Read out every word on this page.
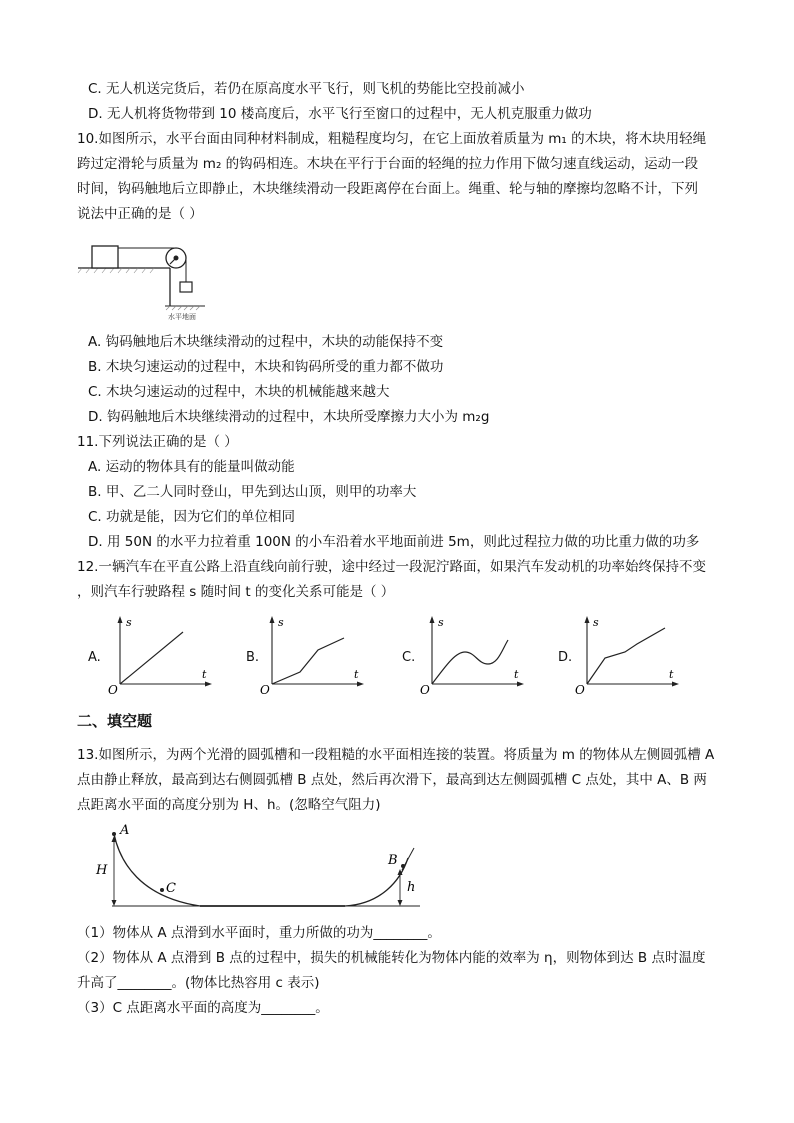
C. 无人机送完货后，若仍在原高度水平飞行，则飞机的势能比空投前减小
D. 无人机将货物带到 10 楼高度后，水平飞行至窗口的过程中，无人机克服重力做功
10.如图所示，水平台面由同种材料制成，粗糙程度均匀，在它上面放着质量为 m₁ 的木块，将木块用轻绳
跨过定滑轮与质量为 m₂ 的钩码相连。木块在平行于台面的轻绳的拉力作用下做匀速直线运动，运动一段
时间，钩码触地后立即静止，木块继续滑动一段距离停在台面上。绳重、轮与轴的摩擦均忽略不计，下列
说法中正确的是（ ）
水平地面
A. 钩码触地后木块继续滑动的过程中，木块的动能保持不变
B. 木块匀速运动的过程中，木块和钩码所受的重力都不做功
C. 木块匀速运动的过程中，木块的机械能越来越大
D. 钩码触地后木块继续滑动的过程中，木块所受摩擦力大小为 m₂g
11.下列说法正确的是（ ）
A. 运动的物体具有的能量叫做动能
B. 甲、乙二人同时登山，甲先到达山顶，则甲的功率大
C. 功就是能，因为它们的单位相同
D. 用 50N 的水平力拉着重 100N 的小车沿着水平地面前进 5m，则此过程拉力做的功比重力做的功多
12.一辆汽车在平直公路上沿直线向前行驶，途中经过一段泥泞路面，如果汽车发动机的功率始终保持不变
，则汽车行驶路程 s 随时间 t 的变化关系可能是（ ）
A.
s
t
O
B.
s
t
O
C.
s
t
O
D.
s
t
O
二、填空题
13.如图所示，为两个光滑的圆弧槽和一段粗糙的水平面相连接的装置。将质量为 m 的物体从左侧圆弧槽 A
点由静止释放，最高到达右侧圆弧槽 B 点处，然后再次滑下，最高到达左侧圆弧槽 C 点处，其中 A、B 两
点距离水平面的高度分别为 H、h。(忽略空气阻力)
A
H
C
B
h
（1）物体从 A 点滑到水平面时，重力所做的功为________。
（2）物体从 A 点滑到 B 点的过程中，损失的机械能转化为物体内能的效率为 η，则物体到达 B 点时温度
升高了________。(物体比热容用 c 表示)
（3）C 点距离水平面的高度为________。
